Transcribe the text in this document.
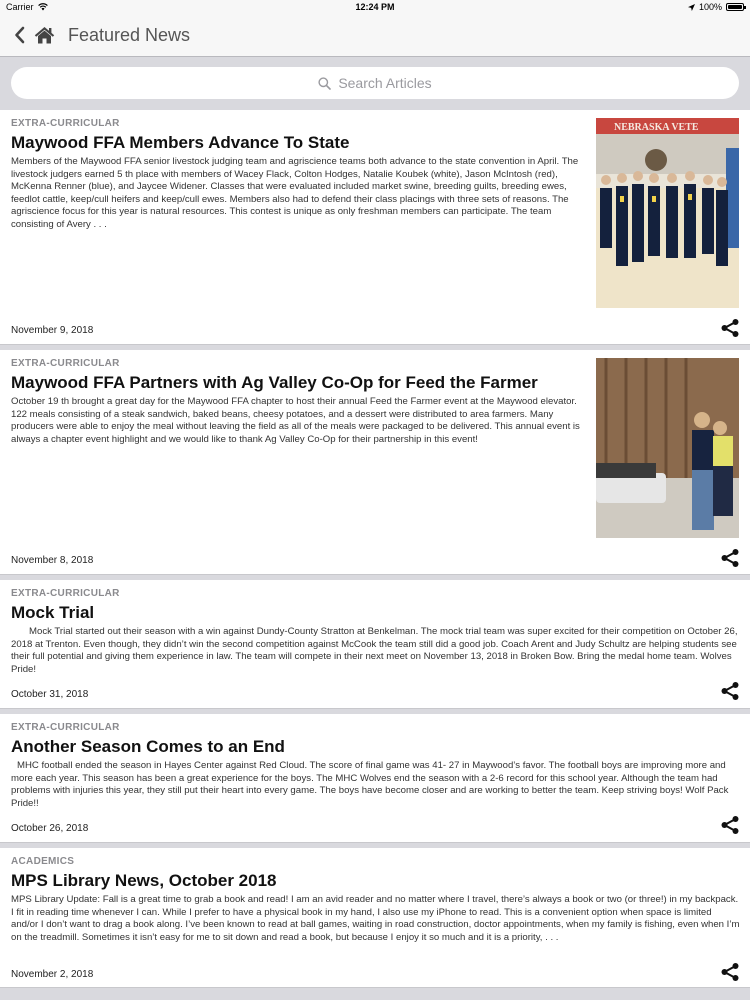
Carrier	12:24 PM	100%
Featured News
Search Articles
EXTRA-CURRICULAR
Maywood FFA Members Advance To State
Members of the Maywood FFA senior livestock judging team and agriscience teams both advance to the state convention in April. The livestock judgers earned 5 th place with members of Wacey Flack, Colton Hodges, Natalie Koubek (white), Jason McIntosh (red), McKenna Renner (blue), and Jaycee Widener. Classes that were evaluated included market swine, breeding guilts, breeding ewes, feedlot cattle, keep/cull heifers and keep/cull ewes. Members also had to defend their class placings with three sets of reasons. The agriscience focus for this year is natural resources. This contest is unique as only freshman members can participate. The team consisting of Avery . . .
November 9, 2018
NEBRASKA VETE
EXTRA-CURRICULAR
Maywood FFA Partners with Ag Valley Co-Op for Feed the Farmer
October 19 th brought a great day for the Maywood FFA chapter to host their annual Feed the Farmer event at the Maywood elevator. 122 meals consisting of a steak sandwich, baked beans, cheesy potatoes, and a dessert were distributed to area farmers. Many producers were able to enjoy the meal without leaving the field as all of the meals were packaged to be delivered. This annual event is always a chapter event highlight and we would like to thank Ag Valley Co-Op for their partnership in this event!
November 8, 2018
EXTRA-CURRICULAR
Mock Trial
Mock Trial started out their season with a win against Dundy-County Stratton at Benkelman. The mock trial team was super excited for their competition on October 26, 2018 at Trenton. Even though, they didn’t win the second competition against McCook the team still did a good job. Coach Arent and Judy Schultz are helping students see their full potential and giving them experience in law. The team will compete in their next meet on November 13, 2018 in Broken Bow. Bring the medal home team. Wolves Pride!
October 31, 2018
EXTRA-CURRICULAR
Another Season Comes to an End
MHC football ended the season in Hayes Center against Red Cloud. The score of final game was 41- 27 in Maywood’s favor. The football boys are improving more and more each year. This season has been a great experience for the boys. The MHC Wolves end the season with a 2-6 record for this school year. Although the team had problems with injuries this year, they still put their heart into every game. The boys have become closer and are working to better the team. Keep striving boys! Wolf Pack Pride!!
October 26, 2018
ACADEMICS
MPS Library News, October 2018
MPS Library Update: Fall is a great time to grab a book and read! I am an avid reader and no matter where I travel, there’s always a book or two (or three!) in my backpack. I fit in reading time whenever I can. While I prefer to have a physical book in my hand, I also use my iPhone to read. This is a convenient option when space is limited and/or I don’t want to drag a book along. I’ve been known to read at ball games, waiting in road construction, doctor appointments, when my family is fishing, even when I’m on the treadmill. Sometimes it isn’t easy for me to sit down and read a book, but because I enjoy it so much and it is a priority, . . .
November 2, 2018
